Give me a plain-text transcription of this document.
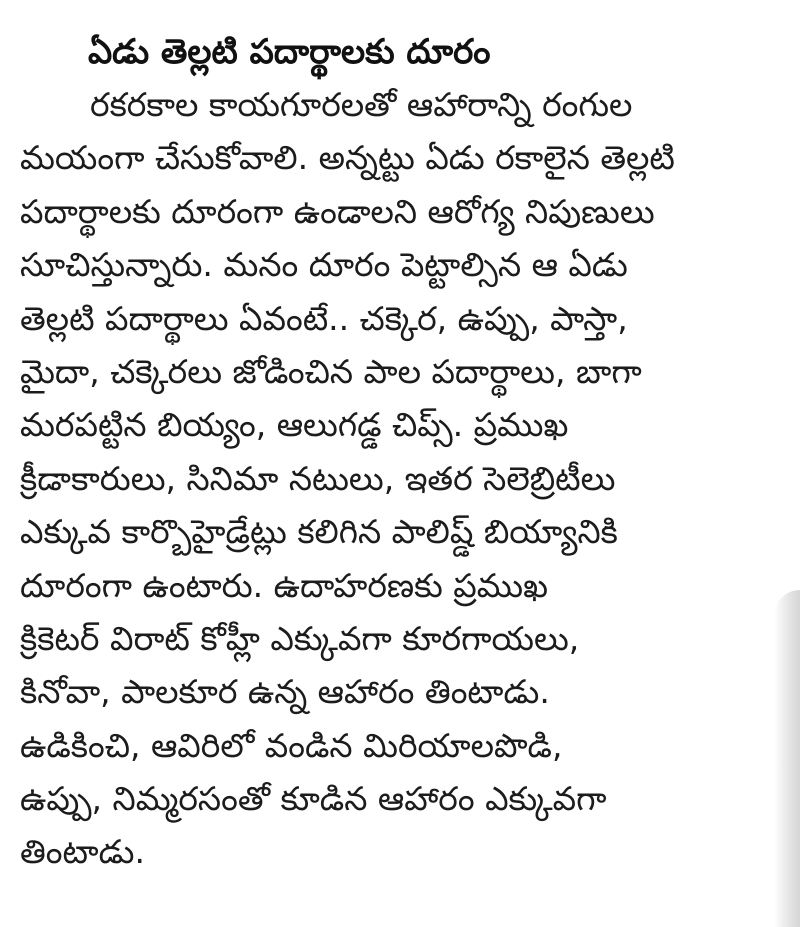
ఏడు తెల్లటి పదార్థాలకు దూరం
రకరకాల కాయగూరలతో ఆహారాన్ని రంగుల
మయంగా చేసుకోవాలి. అన్నట్టు ఏడు రకాలైన తెల్లటి
పదార్థాలకు దూరంగా ఉండాలని ఆరోగ్య నిపుణులు
సూచిస్తున్నారు. మనం దూరం పెట్టాల్సిన ఆ ఏడు
తెల్లటి పదార్థాలు ఏవంటే.. చక్కెర, ఉప్పు, పాస్తా,
మైదా, చక్కెరలు జోడించిన పాల పదార్థాలు, బాగా
మరపట్టిన బియ్యం, ఆలుగడ్డ చిప్స్. ప్రముఖ
క్రీడాకారులు, సినిమా నటులు, ఇతర సెలెబ్రిటీలు
ఎక్కువ కార్బొహైడ్రేట్లు కలిగిన పాలిష్డ్ బియ్యానికి
దూరంగా ఉంటారు. ఉదాహరణకు ప్రముఖ
క్రికెటర్ విరాట్ కోహ్లీ ఎక్కువగా కూరగాయలు,
కినోవా, పాలకూర ఉన్న ఆహారం తింటాడు.
ఉడికించి, ఆవిరిలో వండిన మిరియాలపొడి,
ఉప్పు, నిమ్మరసంతో కూడిన ఆహారం ఎక్కువగా
తింటాడు.
